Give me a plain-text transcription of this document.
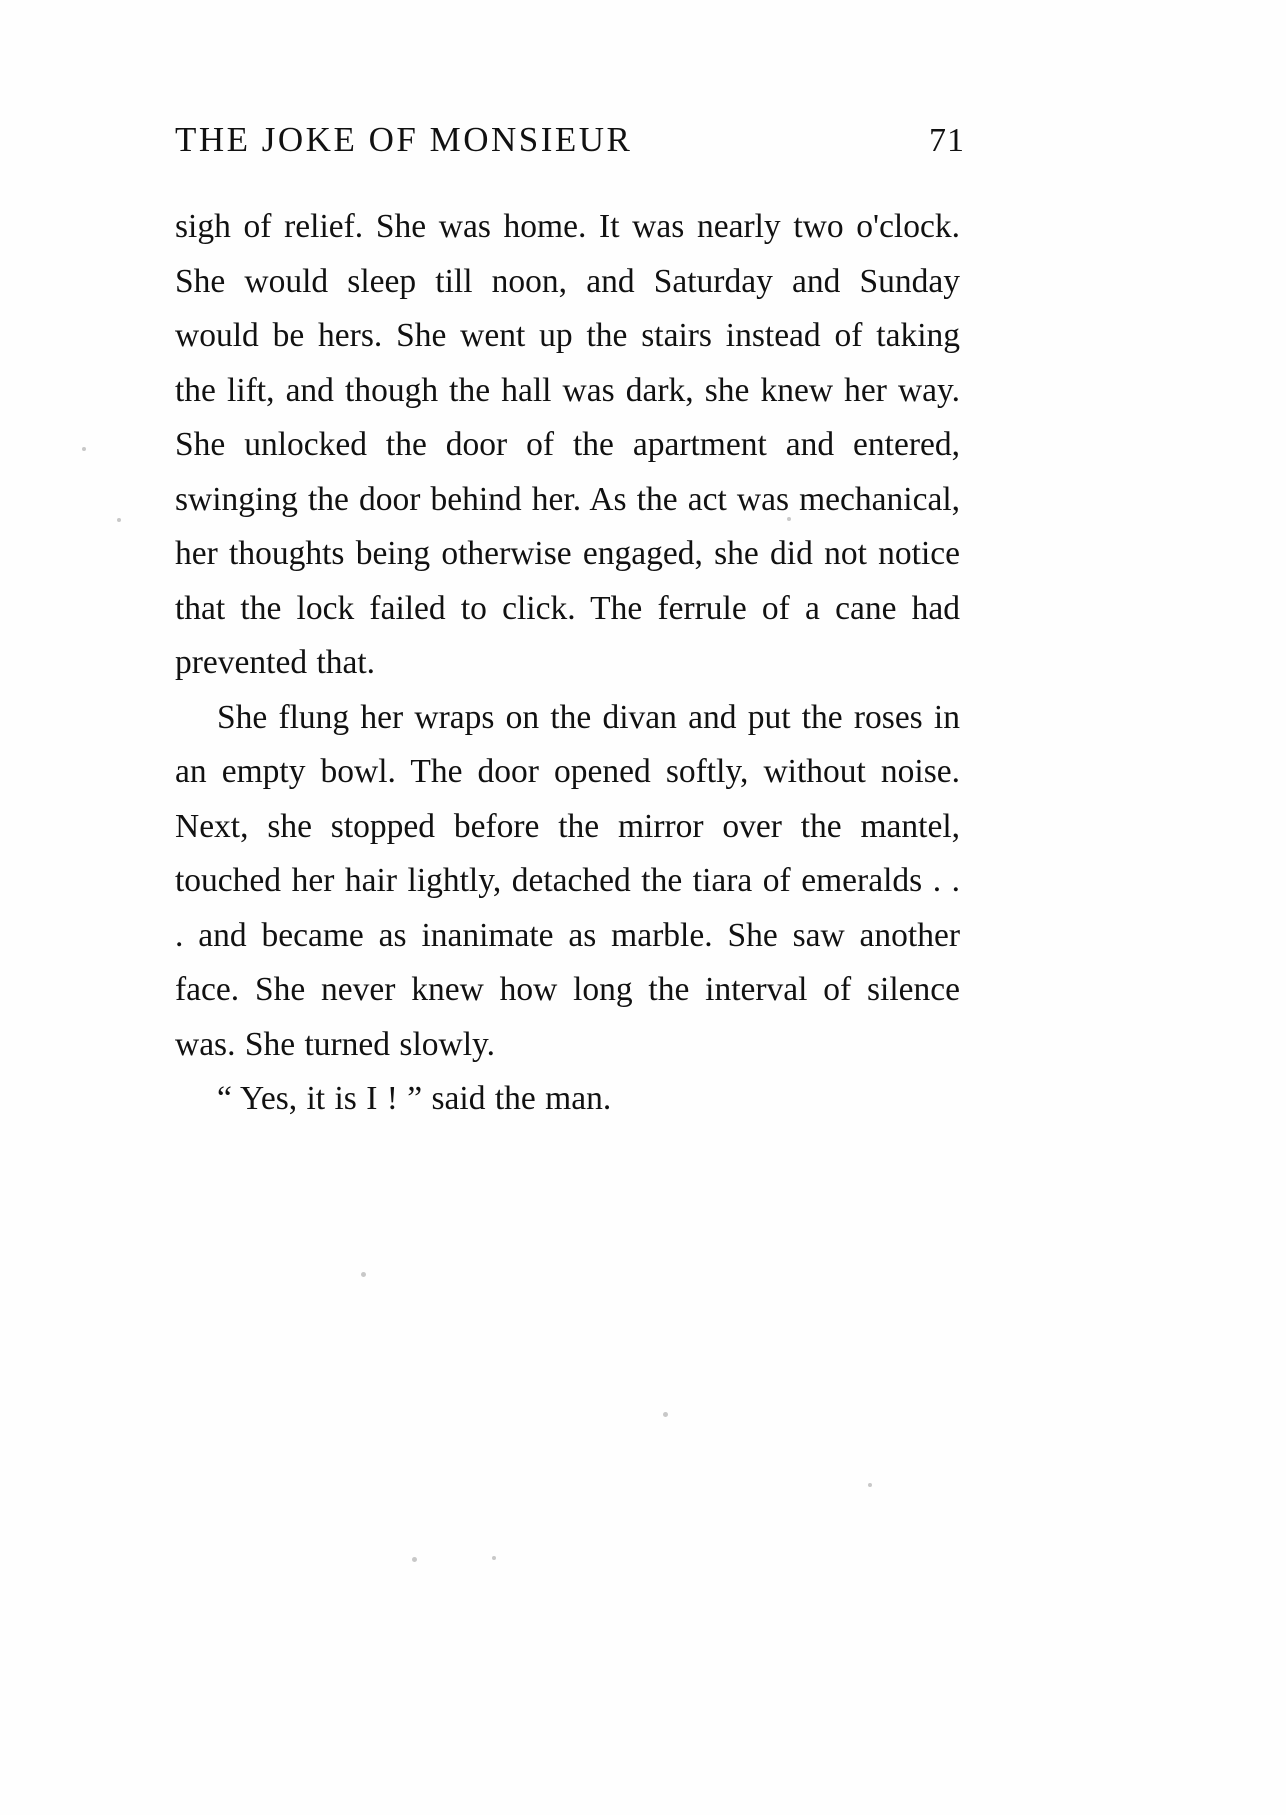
THE JOKE OF MONSIEUR	71

sigh of relief. She was home. It was nearly two o'clock. She would sleep till noon, and Saturday and Sunday would be hers. She went up the stairs instead of taking the lift, and though the hall was dark, she knew her way. She unlocked the door of the apartment and entered, swinging the door behind her. As the act was mechanical, her thoughts being otherwise engaged, she did not notice that the lock failed to click. The ferrule of a cane had prevented that.

She flung her wraps on the divan and put the roses in an empty bowl. The door opened softly, without noise. Next, she stopped before the mirror over the mantel, touched her hair lightly, detached the tiara of emeralds . . . and became as inanimate as marble. She saw another face. She never knew how long the interval of silence was. She turned slowly.

“ Yes, it is I ! ” said the man.
